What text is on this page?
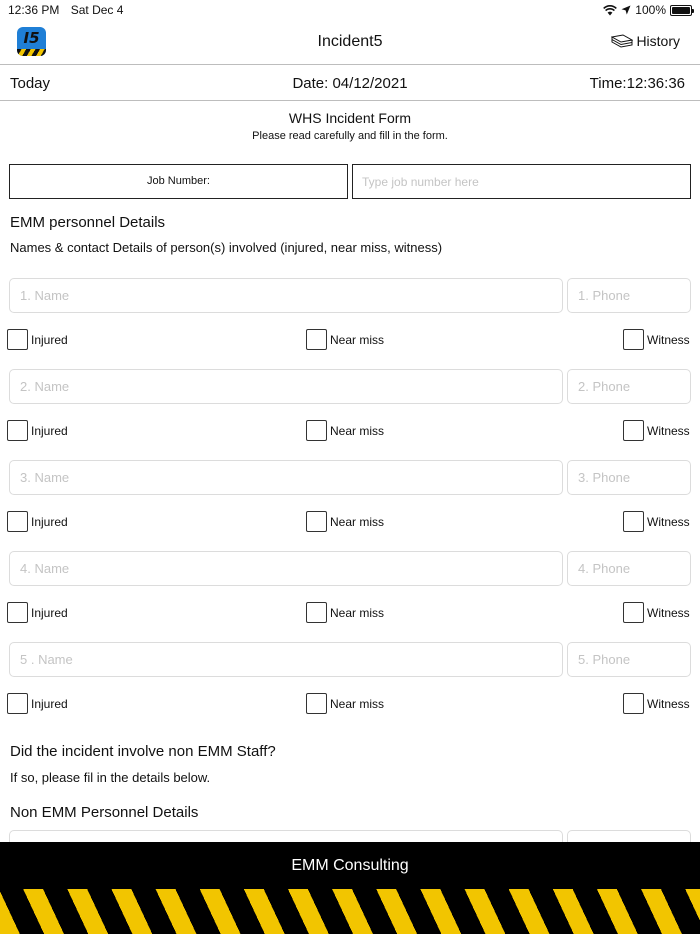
12:36 PM Sat Dec 4	100%
I5	Incident5	History
Today	Date: 04/12/2021	Time:12:36:36
WHS Incident Form
Please read carefully and fill in the form.
Job Number:
Type job number here
EMM personnel Details
Names & contact Details of person(s) involved (injured, near miss, witness)
1. Name
1. Phone
Injured	Near miss	Witness
2. Name
2. Phone
Injured	Near miss	Witness
3. Name
3. Phone
Injured	Near miss	Witness
4. Name
4. Phone
Injured	Near miss	Witness
5 . Name
5. Phone
Injured	Near miss	Witness
Did the incident involve non EMM Staff?
If so, please fil in the details below.
Non EMM Personnel Details
EMM Consulting
